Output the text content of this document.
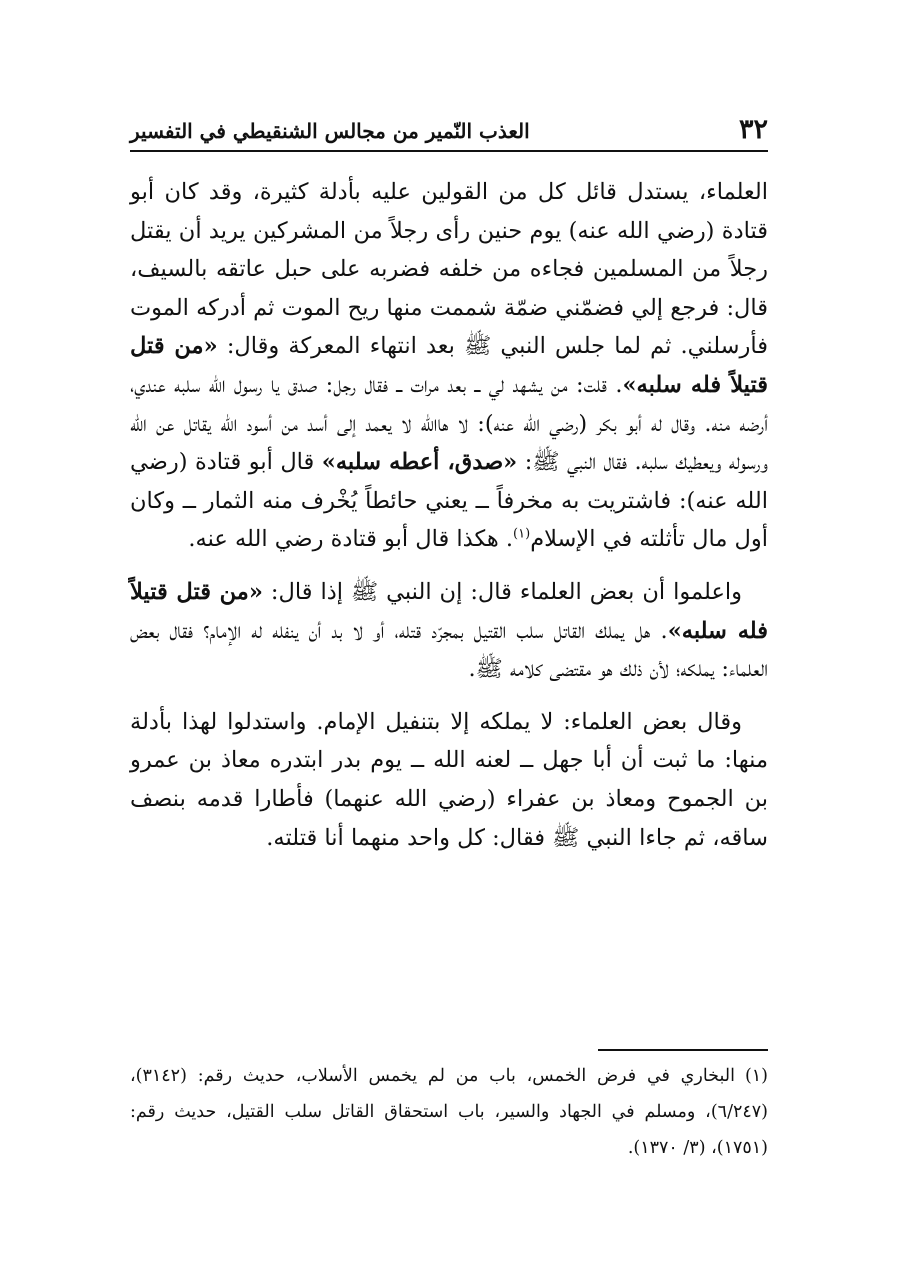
٣٢
العذب النّمير من مجالس الشنقيطي في التفسير

العلماء، يستدل قائل كل من القولين عليه بأدلة كثيرة، وقد كان أبو قتادة (رضي الله عنه) يوم حنين رأى رجلاً من المشركين يريد أن يقتل رجلاً من المسلمين فجاءه من خلفه فضربه على حبل عاتقه بالسيف، قال: فرجع إلي فضمّني ضمّة شممت منها ريح الموت ثم أدركه الموت فأرسلني. ثم لما جلس النبي ﷺ بعد انتهاء المعركة وقال: «من قتل قتيلاً فله سلبه». قلت: من يشهد لي ــ بعد مرات ــ فقال رجل: صدق يا رسول الله سلبه عندي، أرضه منه. وقال له أبو بكر (رضي الله عنه): لا هاالله لا يعمد إلى أسد من أسود الله يقاتل عن الله ورسوله ويعطيك سلبه. فقال النبي ﷺ: «صدق، أعطه سلبه» قال أبو قتادة (رضي الله عنه): فاشتريت به مخرفاً ــ يعني حائطاً يُخْرف منه الثمار ــ وكان أول مال تأثلته في الإسلام$^{(١)}$. هكذا قال أبو قتادة رضي الله عنه.

واعلموا أن بعض العلماء قال: إن النبي ﷺ إذا قال: «من قتل قتيلاً فله سلبه». هل يملك القاتل سلب القتيل بمجرّد قتله، أو لا بد أن ينفله له الإمام؟ فقال بعض العلماء: يملكه؛ لأن ذلك هو مقتضى كلامه ﷺ.

وقال بعض العلماء: لا يملكه إلا بتنفيل الإمام. واستدلوا لهذا بأدلة منها: ما ثبت أن أبا جهل ــ لعنه الله ــ يوم بدر ابتدره معاذ بن عمرو بن الجموح ومعاذ بن عفراء (رضي الله عنهما) فأطارا قدمه بنصف ساقه، ثم جاءا النبي ﷺ فقال: كل واحد منهما أنا قتلته.

(١)البخاري في فرض الخمس، باب من لم يخمس الأسلاب، حديث رقم: (٣١٤٢)، (٦/٢٤٧)، ومسلم في الجهاد والسير، باب استحقاق القاتل سلب القتيل، حديث رقم: (١٧٥١)، (٣/ ١٣٧٠).
